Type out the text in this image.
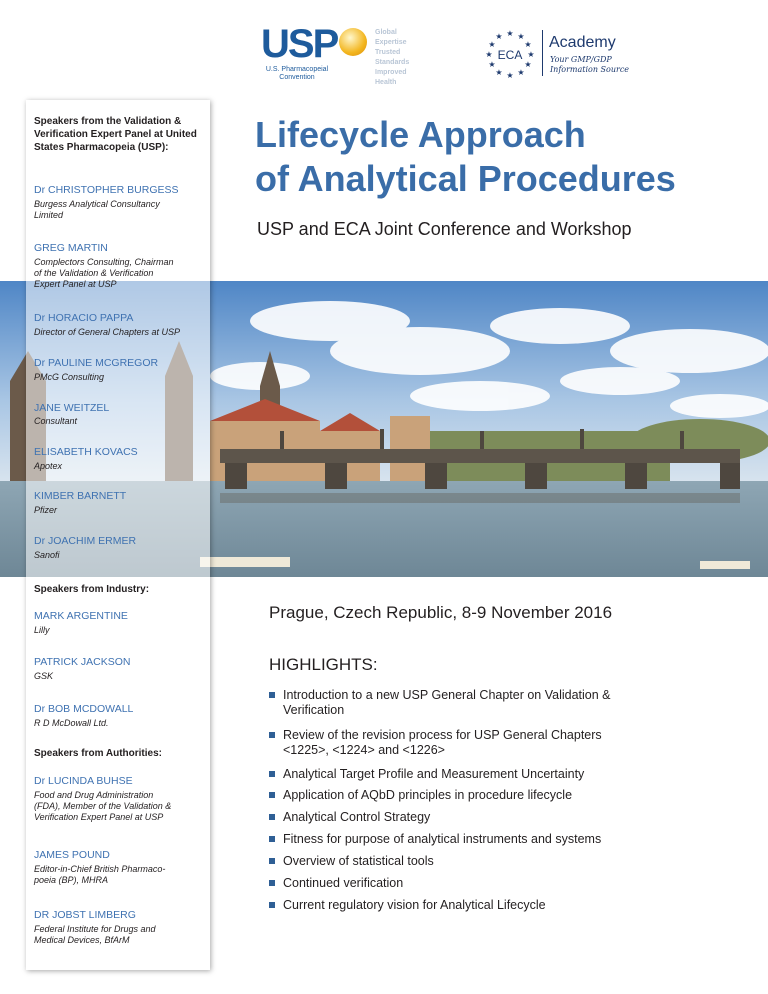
USP
U.S. Pharmacopeial
Convention
Global Expertise
Trusted Standards
Improved Health
★ ★
★
★
★
★
★
★
★
★
★
★
ECA
Academy
Your GMP/GDP
Information Source
Lifecycle Approach
of Analytical Procedures
USP and ECA Joint Conference and Workshop
Speakers from the Validation & Verification Expert Panel at United States Pharmacopeia (USP):
Dr CHRISTOPHER BURGESS
Burgess Analytical Consultancy
Limited
GREG MARTIN
Complectors Consulting, Chairman
of the Validation & Verification
Expert Panel at USP
Dr HORACIO PAPPA
Director of General Chapters at USP
Dr PAULINE MCGREGOR
PMcG Consulting
JANE WEITZEL
Consultant
ELISABETH KOVACS
Apotex
KIMBER BARNETT
Pfizer
Dr JOACHIM ERMER
Sanofi
Speakers from Industry:
MARK ARGENTINE
Lilly
PATRICK JACKSON
GSK
Dr BOB MCDOWALL
R D McDowall Ltd.
Speakers from Authorities:
Dr LUCINDA BUHSE
Food and Drug Administration
(FDA), Member of the Validation &
Verification Expert Panel at USP
JAMES POUND
Editor-in-Chief British Pharmaco-
poeia (BP), MHRA
DR JOBST LIMBERG
Federal Institute for Drugs and
Medical Devices, BfArM
Prague, Czech Republic, 8-9 November 2016
HIGHLIGHTS:
Introduction to a new USP General Chapter on Validation &
Verification
Review of the revision process for USP General Chapters
<1225>, <1224> and <1226>
Analytical Target Profile and Measurement Uncertainty
Application of AQbD principles in procedure lifecycle
Analytical Control Strategy
Fitness for purpose of analytical instruments and systems
Overview of statistical tools
Continued verification
Current regulatory vision for Analytical Lifecycle
